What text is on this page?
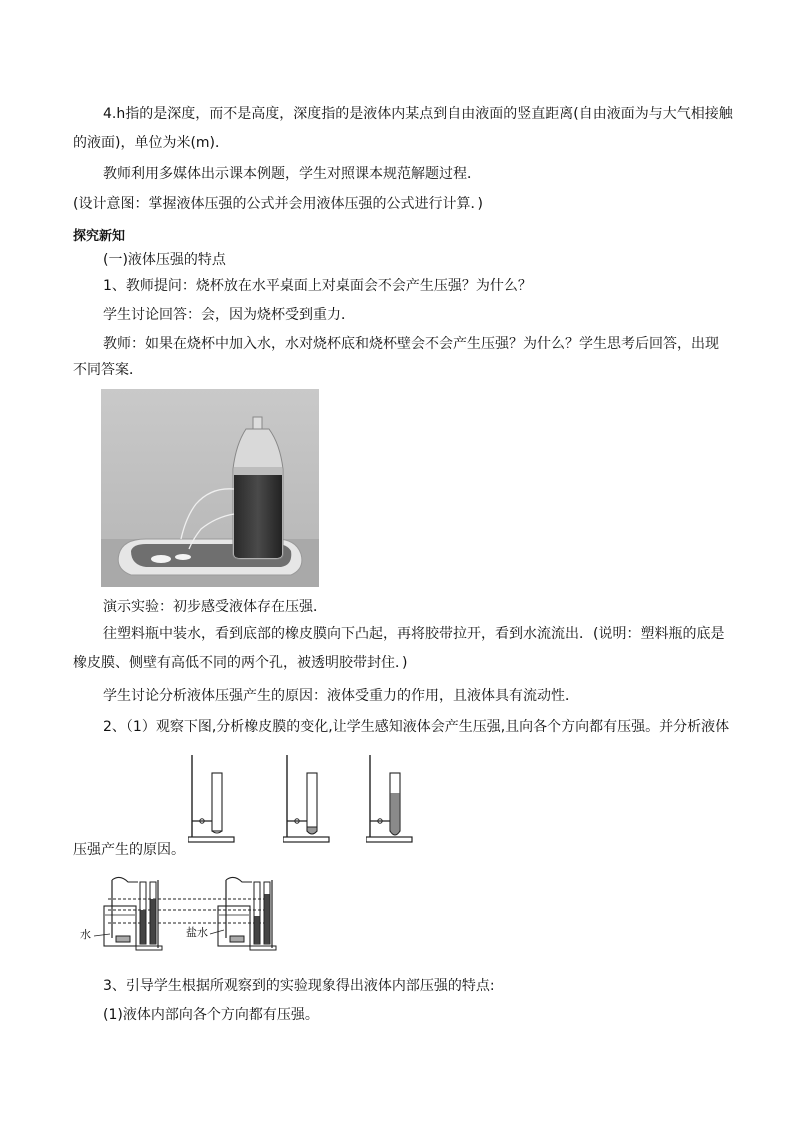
4.h指的是深度，而不是高度，深度指的是液体内某点到自由液面的竖直距离(自由液面为与大气相接触
的液面)，单位为米(m)．
教师利用多媒体出示课本例题，学生对照课本规范解题过程．
(设计意图：掌握液体压强的公式并会用液体压强的公式进行计算．)
探究新知
(一)液体压强的特点
1、教师提问：烧杯放在水平桌面上对桌面会不会产生压强？为什么？
学生讨论回答：会，因为烧杯受到重力．
教师：如果在烧杯中加入水，水对烧杯底和烧杯壁会不会产生压强？为什么？学生思考后回答，出现
不同答案．
演示实验：初步感受液体存在压强．
往塑料瓶中装水，看到底部的橡皮膜向下凸起，再将胶带拉开，看到水流流出．(说明：塑料瓶的底是
橡皮膜、侧壁有高低不同的两个孔，被透明胶带封住．)
学生讨论分析液体压强产生的原因：液体受重力的作用，且液体具有流动性．
2、（1）观察下图,分析橡皮膜的变化,让学生感知液体会产生压强,且向各个方向都有压强。并分析液体
压强产生的原因。
水	盐水
3、引导学生根据所观察到的实验现象得出液体内部压强的特点:
(1)液体内部向各个方向都有压强。
